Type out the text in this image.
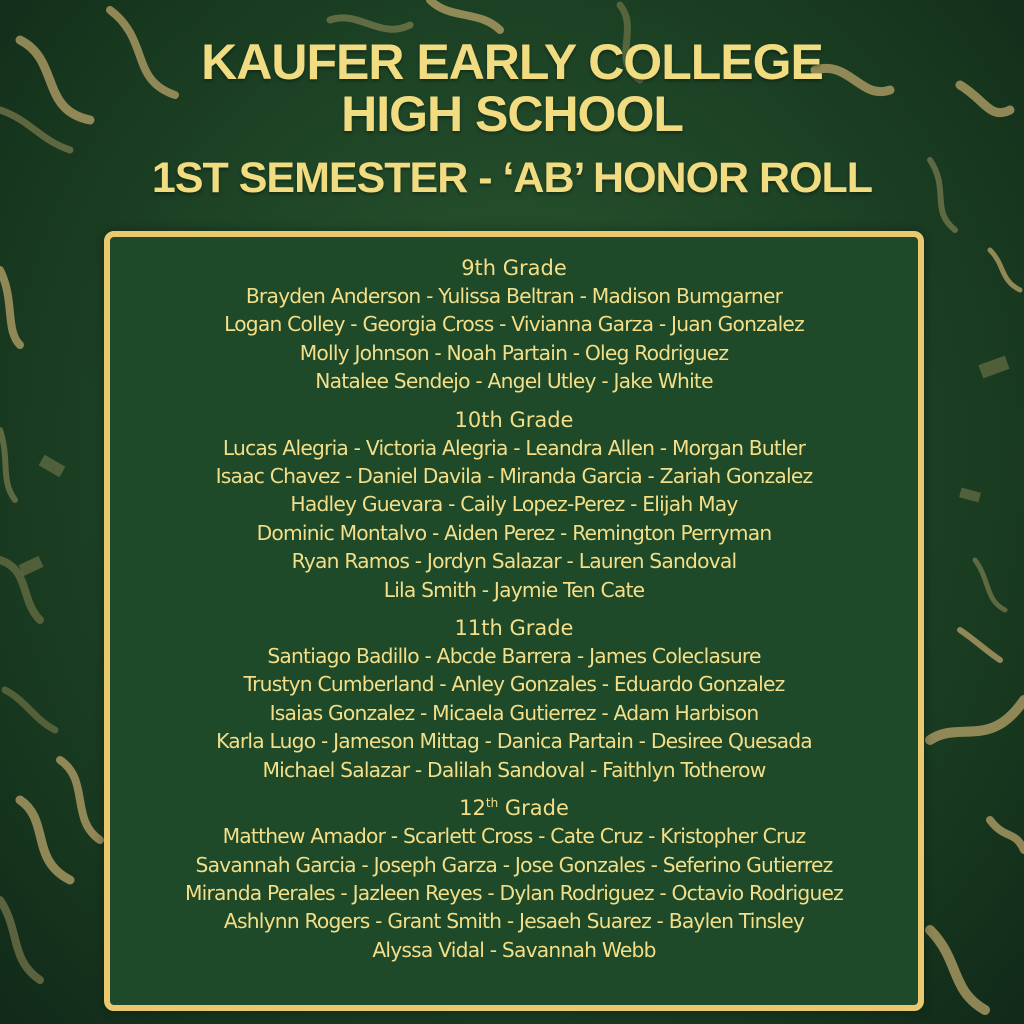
KAUFER EARLY COLLEGE
HIGH SCHOOL
1ST SEMESTER - ‘AB’ HONOR ROLL
9th Grade
Brayden Anderson - Yulissa Beltran - Madison Bumgarner
Logan Colley - Georgia Cross - Vivianna Garza - Juan Gonzalez
Molly Johnson - Noah Partain - Oleg Rodriguez
Natalee Sendejo - Angel Utley - Jake White
10th Grade
Lucas Alegria - Victoria Alegria - Leandra Allen - Morgan Butler
Isaac Chavez - Daniel Davila - Miranda Garcia - Zariah Gonzalez
Hadley Guevara - Caily Lopez-Perez - Elijah May
Dominic Montalvo - Aiden Perez - Remington Perryman
Ryan Ramos - Jordyn Salazar - Lauren Sandoval
Lila Smith - Jaymie Ten Cate
11th Grade
Santiago Badillo - Abcde Barrera - James Coleclasure
Trustyn Cumberland - Anley Gonzales - Eduardo Gonzalez
Isaias Gonzalez - Micaela Gutierrez - Adam Harbison
Karla Lugo - Jameson Mittag - Danica Partain - Desiree Quesada
Michael Salazar - Dalilah Sandoval - Faithlyn Totherow
12th Grade
Matthew Amador - Scarlett Cross - Cate Cruz - Kristopher Cruz
Savannah Garcia - Joseph Garza - Jose Gonzales - Seferino Gutierrez
Miranda Perales - Jazleen Reyes - Dylan Rodriguez - Octavio Rodriguez
Ashlynn Rogers - Grant Smith - Jesaeh Suarez - Baylen Tinsley
Alyssa Vidal - Savannah Webb
